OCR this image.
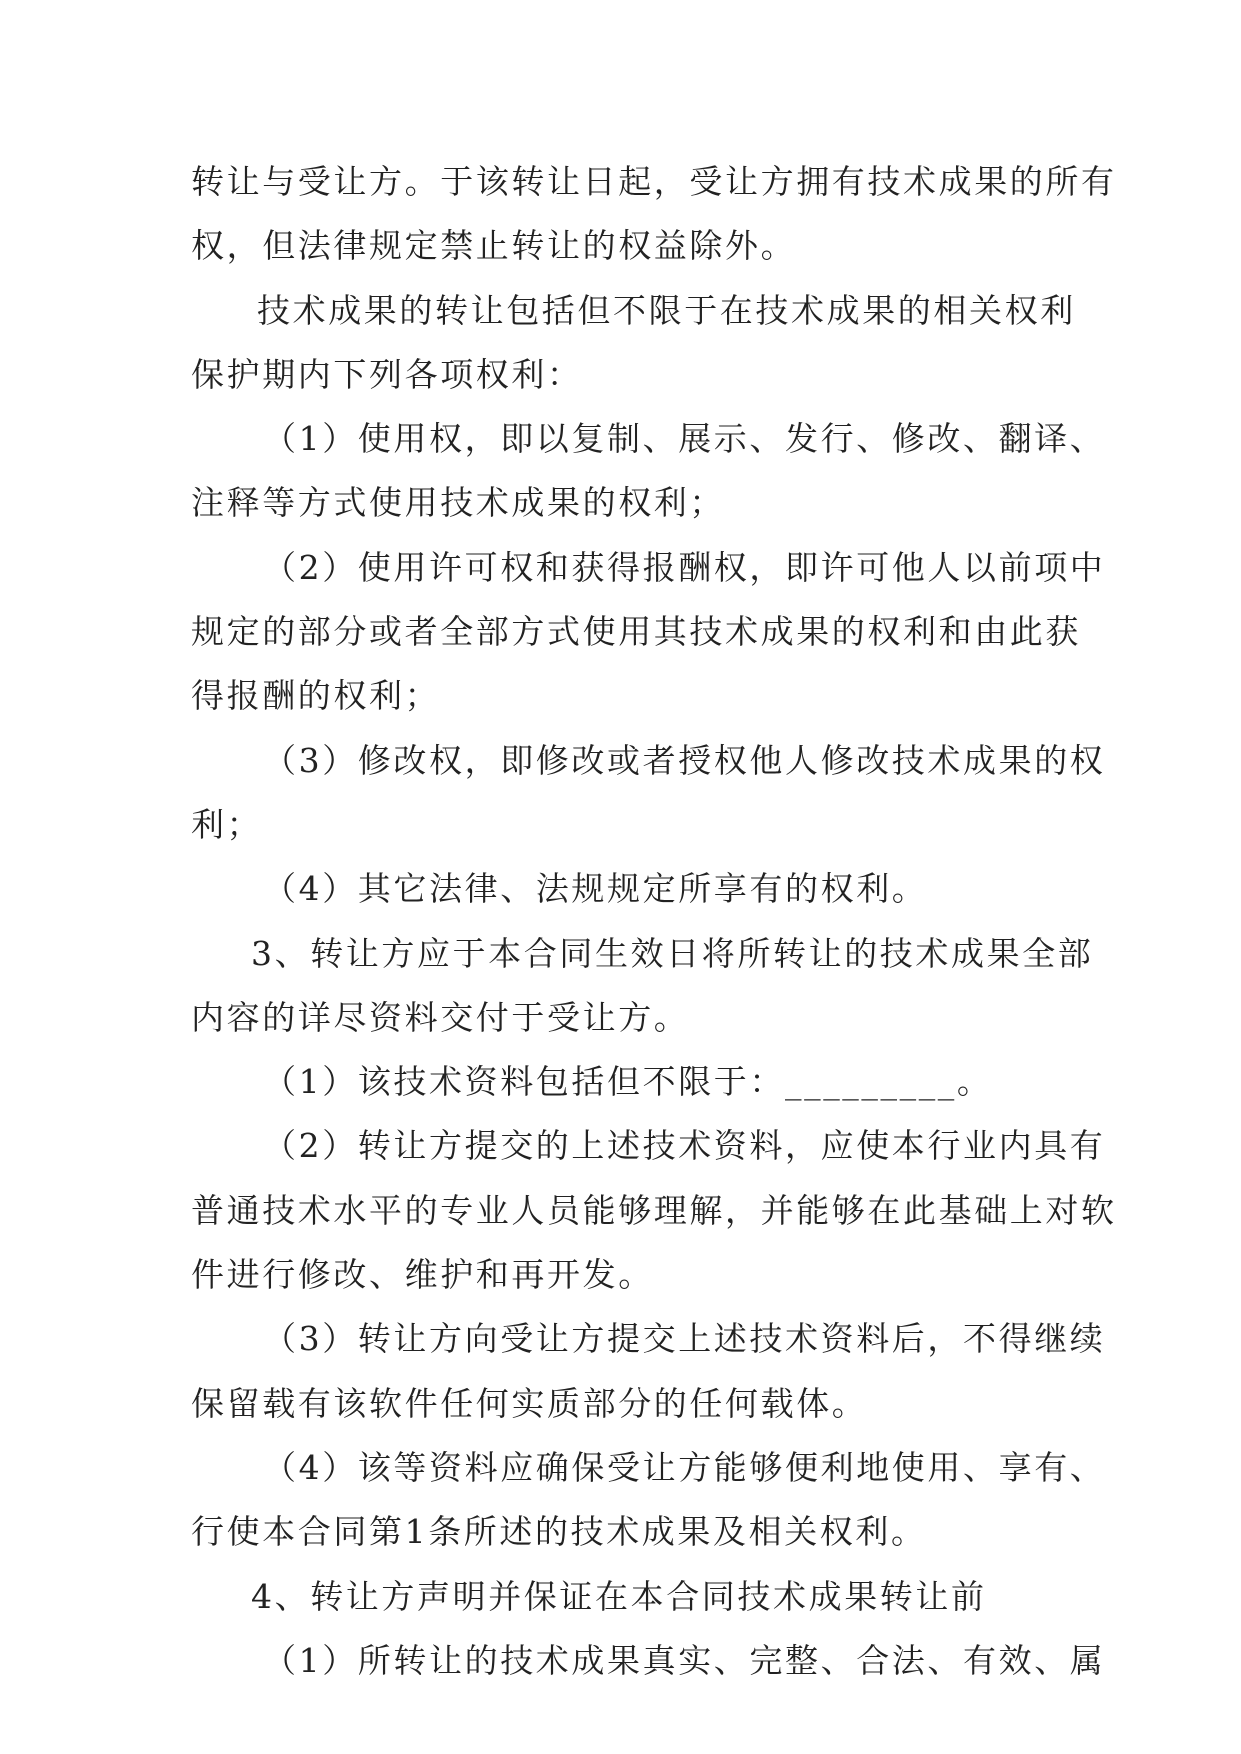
转让与受让方。于该转让日起，受让方拥有技术成果的所有
权，但法律规定禁止转让的权益除外。
技术成果的转让包括但不限于在技术成果的相关权利
保护期内下列各项权利：
（1）使用权，即以复制、展示、发行、修改、翻译、
注释等方式使用技术成果的权利；
（2）使用许可权和获得报酬权，即许可他人以前项中
规定的部分或者全部方式使用其技术成果的权利和由此获
得报酬的权利；
（3）修改权，即修改或者授权他人修改技术成果的权
利；
（4）其它法律、法规规定所享有的权利。
3、转让方应于本合同生效日将所转让的技术成果全部
内容的详尽资料交付于受让方。
（1）该技术资料包括但不限于：_________。
（2）转让方提交的上述技术资料，应使本行业内具有
普通技术水平的专业人员能够理解，并能够在此基础上对软
件进行修改、维护和再开发。
（3）转让方向受让方提交上述技术资料后，不得继续
保留载有该软件任何实质部分的任何载体。
（4）该等资料应确保受让方能够便利地使用、享有、
行使本合同第1条所述的技术成果及相关权利。
4、转让方声明并保证在本合同技术成果转让前
（1）所转让的技术成果真实、完整、合法、有效、属
